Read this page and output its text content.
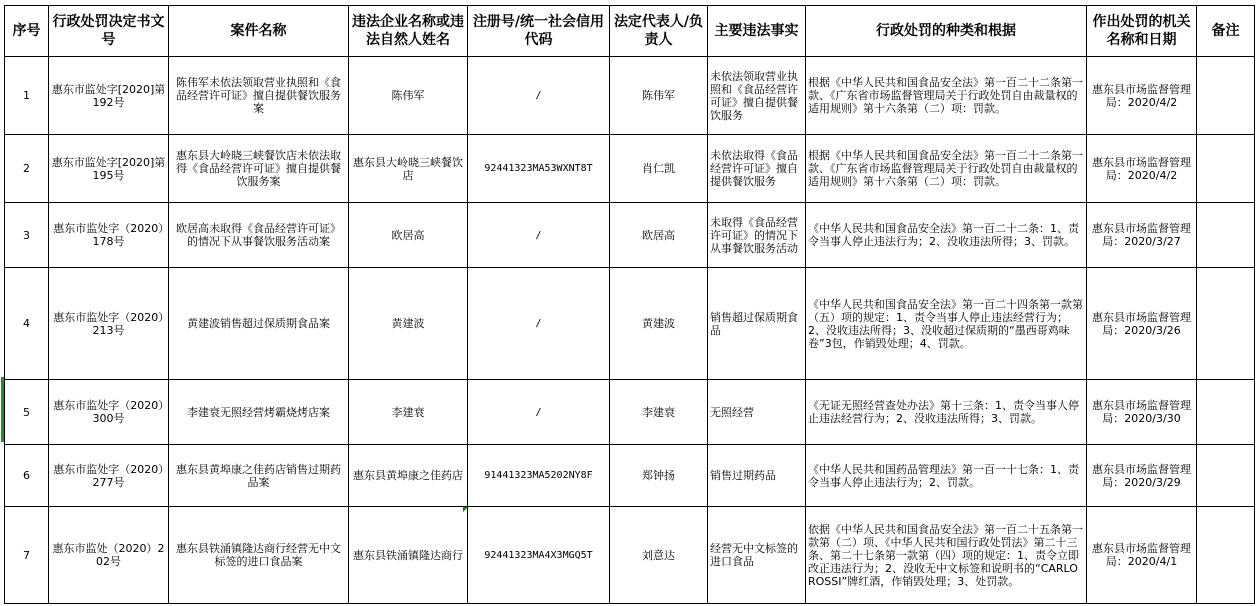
序号	行政处罚决定书文号	案件名称	违法企业名称或违法自然人姓名	注册号/统一社会信用代码	法定代表人/负责人	主要违法事实	行政处罚的种类和根据	作出处罚的机关名称和日期	备注
1	惠东市监处字[2020]第192号	陈伟军未依法领取营业执照和《食品经营许可证》擅自提供餐饮服务案	陈伟军	/	陈伟军	未依法领取营业执照和《食品经营许可证》擅自提供餐饮服务	根据《中华人民共和国食品安全法》第一百二十二条第一款、《广东省市场监督管理局关于行政处罚自由裁量权的适用规则》第十六条第（二）项：罚款。	惠东县市场监督管理局：2020/4/2	
2	惠东市监处字[2020]第195号	惠东县大岭晓三峡餐饮店未依法取得《食品经营许可证》擅自提供餐饮服务案	惠东县大岭晓三峡餐饮店	92441323MA53WXNT8T	肖仁凯	未依法取得《食品经营许可证》擅自提供餐饮服务	根据《中华人民共和国食品安全法》第一百二十二条第一款、《广东省市场监督管理局关于行政处罚自由裁量权的适用规则》第十六条第（二）项：罚款。	惠东县市场监督管理局：2020/4/2	
3	惠东市监处字（2020）178号	欧居高未取得《食品经营许可证》的情况下从事餐饮服务活动案	欧居高	/	欧居高	未取得《食品经营许可证》的情况下从事餐饮服务活动	《中华人民共和国食品安全法》第一百二十二条：1、责令当事人停止违法行为；2、没收违法所得；3、罚款。	惠东县市场监督管理局：2020/3/27	
4	惠东市监处字（2020）213号	黄建波销售超过保质期食品案	黄建波	/	黄建波	销售超过保质期食品	《中华人民共和国食品安全法》第一百二十四条第一款第（五）项的规定：1、责令当事人停止违法经营行为；2、没收违法所得；3、没收超过保质期的“墨西哥鸡味卷”3包，作销毁处理；4、罚款。	惠东县市场监督管理局：2020/3/26	
5	惠东市监处字（2020）300号	李建衰无照经营烤霸烧烤店案	李建衰	/	李建衰	无照经营	《无证无照经营查处办法》第十三条：1、责令当事人停止违法经营行为；2、没收违法所得；3、罚款。	惠东县市场监督管理局：2020/3/30	
6	惠东市监处字（2020）277号	惠东县黄埠康之佳药店销售过期药品案	惠东县黄埠康之佳药店	91441323MA5202NY8F	郑钟扬	销售过期药品	《中华人民共和国药品管理法》第一百一十七条：1、责令当事人停止违法行为；2、罚款。	惠东县市场监督管理局：2020/3/29	
7	惠东市监处（2020）202号	惠东县铁涌镇隆达商行经营无中文标签的进口食品案	惠东县铁涌镇隆达商行	92441323MA4X3MGQ5T	刘意达	经营无中文标签的进口食品	依据《中华人民共和国食品安全法》第一百二十五条第一款第（二）项、《中华人民共和国行政处罚法》第二十三条、第二十七条第一款第（四）项的规定：1、责令立即改正违法行为；2、没收无中文标签和说明书的“CARLO ROSSI”牌红酒，作销毁处理；3、处罚款。	惠东县市场监督管理局：2020/4/1	
